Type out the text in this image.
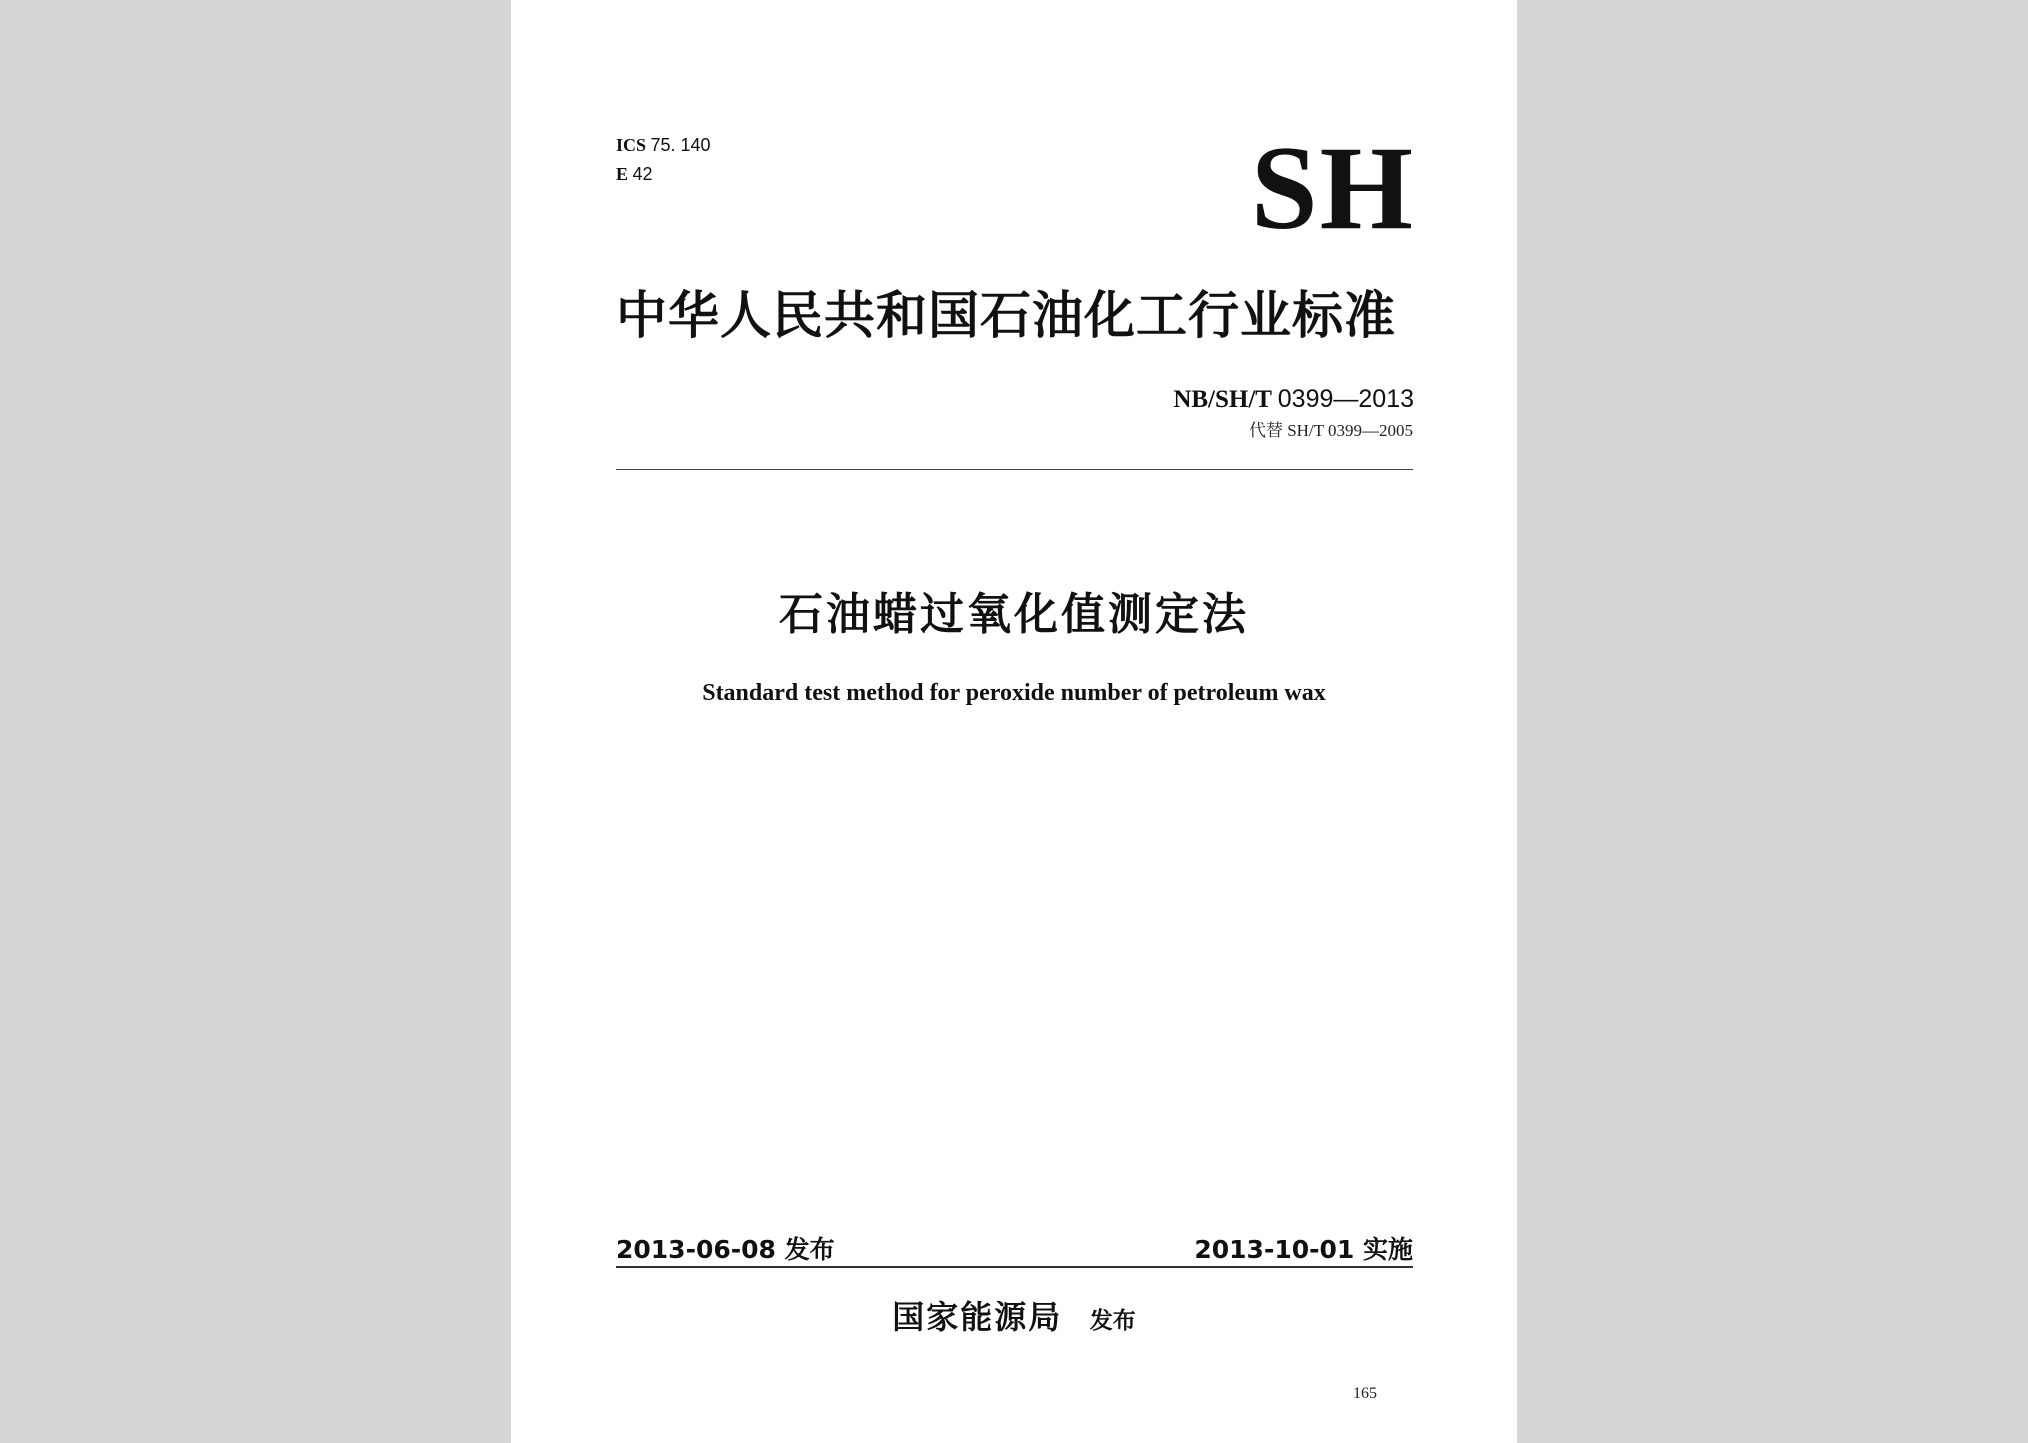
ICS 75. 140
E 42	SH
中华人民共和国石油化工行业标准
NB/SH/T 0399—2013
代替 SH/T 0399—2005
石油蜡过氧化值测定法
Standard test method for peroxide number of petroleum wax
2013-06-08 发布	2013-10-01 实施
国家能源局 发布
165
